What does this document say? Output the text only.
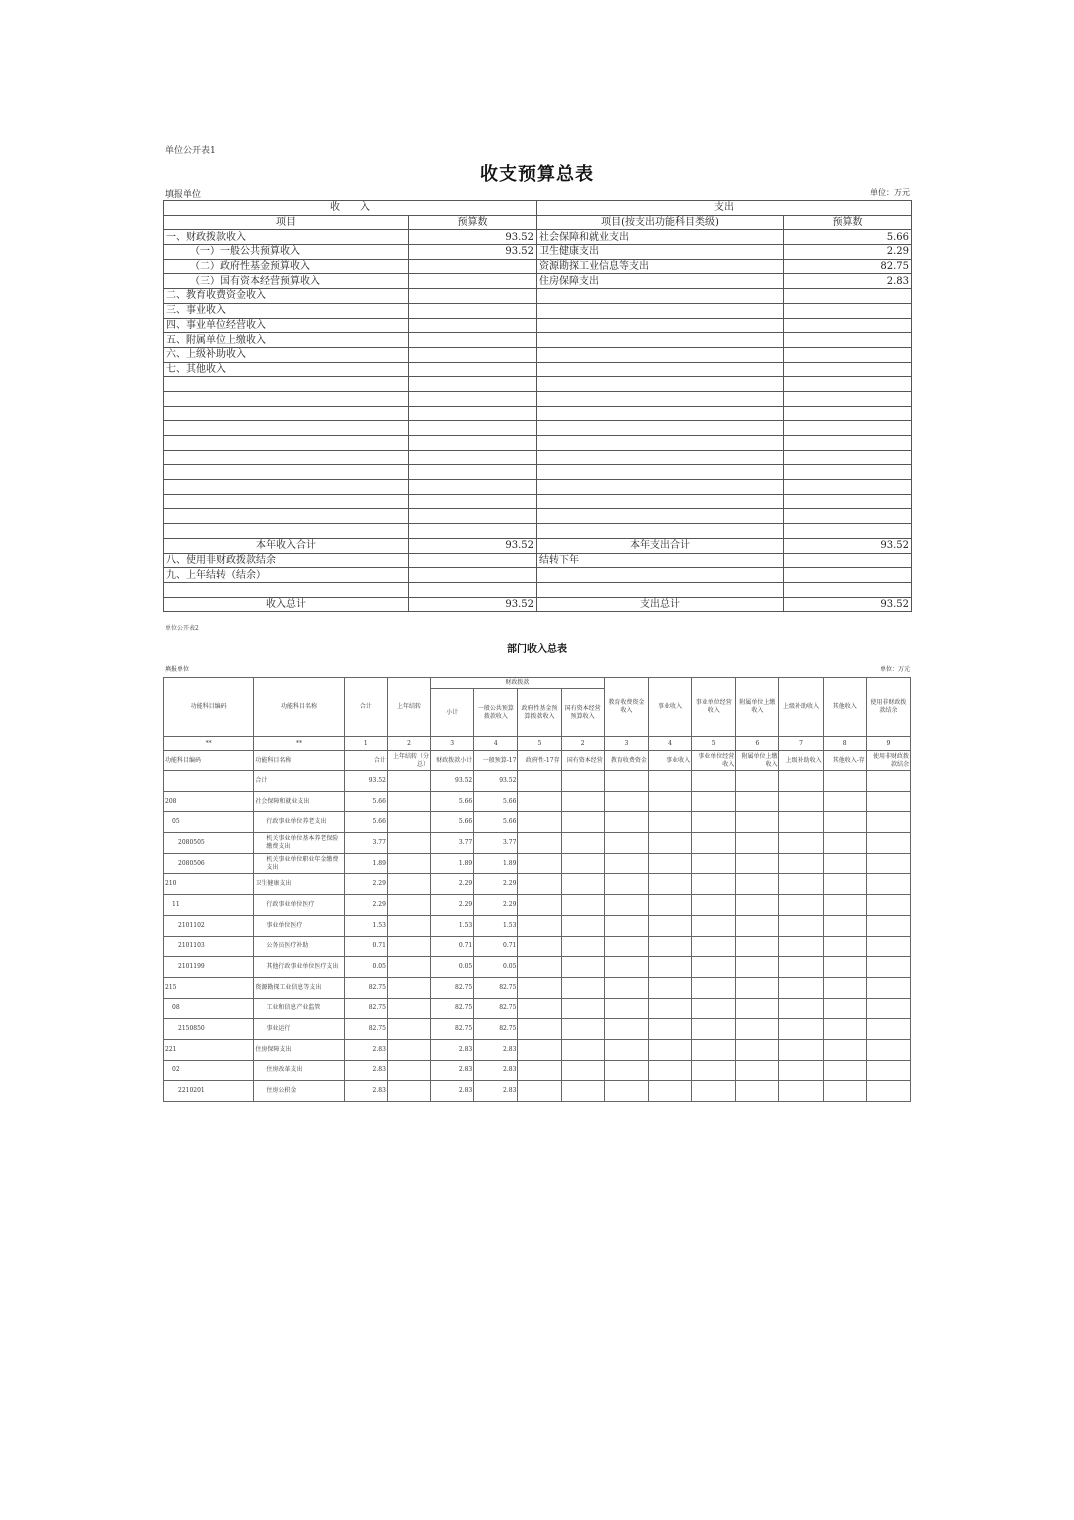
单位公开表1
收支预算总表
填报单位	单位：万元
收　　入		支出	
项目	预算数	项目(按支出功能科目类级)	预算数
一、财政拨款收入	93.52	社会保障和就业支出	5.66
（一）一般公共预算收入	93.52	卫生健康支出	2.29
（二）政府性基金预算收入		资源勘探工业信息等支出	82.75
（三）国有资本经营预算收入		住房保障支出	2.83
二、教育收费资金收入			
三、事业收入			
四、事业单位经营收入			
五、附属单位上缴收入			
六、上级补助收入			
七、其他收入			

本年收入合计	93.52	本年支出合计	93.52
八、使用非财政拨款结余		结转下年	
九、上年结转（结余）			

收入总计	93.52	支出总计	93.52
单位公开表2
部门收入总表
填报单位	单位：万元
功能科目编码	功能科目名称	合计	上年结转	财政拨款				教育收费资金收入	事业收入	事业单位经营收入	附属单位上缴收入	上级补助收入	其他收入	使用非财政拨款结余
				小计	一般公共预算拨款收入	政府性基金预算拨款收入	国有资本经营预算收入							
**	**	1	2	3	4	5	2	3	4	5	6	7	8	9
功能科目编码	功能科目名称	合计	上年结转（分总）	财政拨款小计	一般预算-17	政府性-17存	国有资本经营	教育收费资金	事业收入	事业单位经营收入	附属单位上缴收入	上级补助收入	其他收入-存	使用非财政拨款结余
	合计	93.52		93.52	93.52									
208	社会保障和就业支出	5.66		5.66	5.66									
05	行政事业单位养老支出	5.66		5.66	5.66									
2080505	机关事业单位基本养老保险缴费支出	3.77		3.77	3.77									
2080506	机关事业单位职业年金缴费支出	1.89		1.89	1.89									
210	卫生健康支出	2.29		2.29	2.29									
11	行政事业单位医疗	2.29		2.29	2.29									
2101102	事业单位医疗	1.53		1.53	1.53									
2101103	公务员医疗补助	0.71		0.71	0.71									
2101199	其他行政事业单位医疗支出	0.05		0.05	0.05									
215	资源勘探工业信息等支出	82.75		82.75	82.75									
08	工业和信息产业监管	82.75		82.75	82.75									
2150850	事业运行	82.75		82.75	82.75									
221	住房保障支出	2.83		2.83	2.83									
02	住房改革支出	2.83		2.83	2.83									
2210201	住房公积金	2.83		2.83	2.83									
